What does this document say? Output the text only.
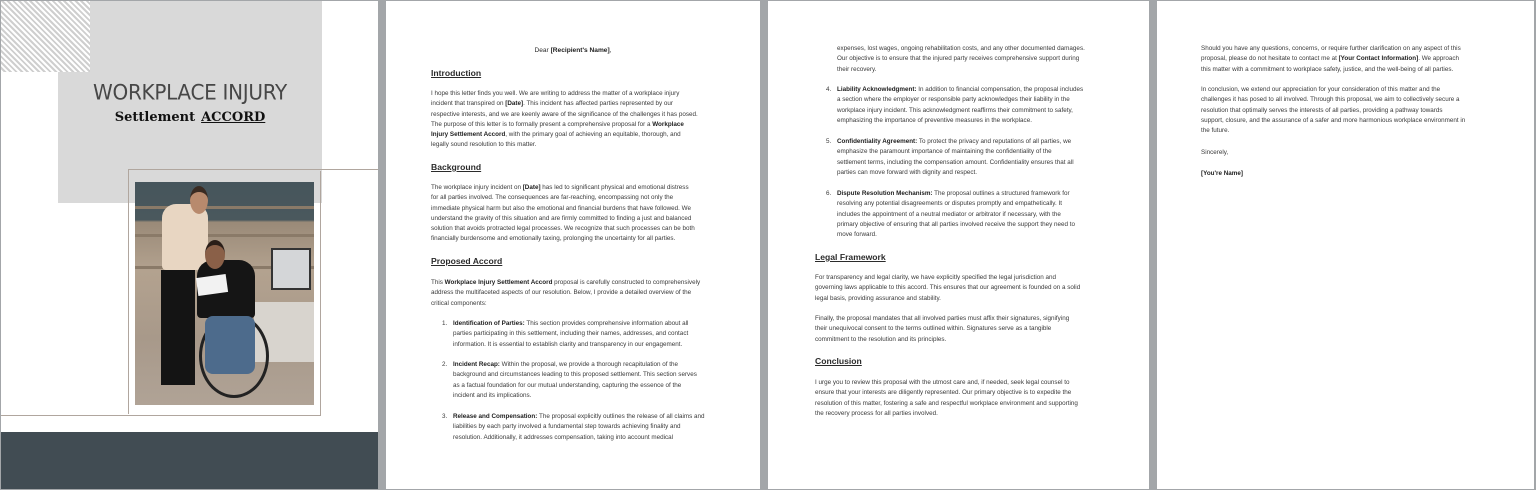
WORKPLACE INJURY
Settlement ACCORD
Dear [Recipient's Name],
Introduction
I hope this letter finds you well. We are writing to address the matter of a workplace injury
incident that transpired on [Date]. This incident has affected parties represented by our
respective interests, and we are keenly aware of the significance of the challenges it has posed.
The purpose of this letter is to formally present a comprehensive proposal for a Workplace
Injury Settlement Accord, with the primary goal of achieving an equitable, thorough, and
legally sound resolution to this matter.
Background
The workplace injury incident on [Date] has led to significant physical and emotional distress
for all parties involved. The consequences are far-reaching, encompassing not only the
immediate physical harm but also the emotional and financial burdens that have followed. We
understand the gravity of this situation and are firmly committed to finding a just and balanced
solution that avoids protracted legal processes. We recognize that such processes can be both
financially burdensome and emotionally taxing, prolonging the uncertainty for all parties.
Proposed Accord
This Workplace Injury Settlement Accord proposal is carefully constructed to comprehensively
address the multifaceted aspects of our resolution. Below, I provide a detailed overview of the
critical components:
1. Identification of Parties: This section provides comprehensive information about all
parties participating in this settlement, including their names, addresses, and contact
information. It is essential to establish clarity and transparency in our engagement.
2. Incident Recap: Within the proposal, we provide a thorough recapitulation of the
background and circumstances leading to this proposed settlement. This section serves
as a factual foundation for our mutual understanding, capturing the essence of the
incident and its implications.
3. Release and Compensation: The proposal explicitly outlines the release of all claims and
liabilities by each party involved a fundamental step towards achieving finality and
resolution. Additionally, it addresses compensation, taking into account medical
expenses, lost wages, ongoing rehabilitation costs, and any other documented damages.
Our objective is to ensure that the injured party receives comprehensive support during
their recovery.
4. Liability Acknowledgment: In addition to financial compensation, the proposal includes
a section where the employer or responsible party acknowledges their liability in the
workplace injury incident. This acknowledgment reaffirms their commitment to safety,
emphasizing the importance of preventive measures in the workplace.
5. Confidentiality Agreement: To protect the privacy and reputations of all parties, we
emphasize the paramount importance of maintaining the confidentiality of the
settlement terms, including the compensation amount. Confidentiality ensures that all
parties can move forward with dignity and respect.
6. Dispute Resolution Mechanism: The proposal outlines a structured framework for
resolving any potential disagreements or disputes promptly and empathetically. It
includes the appointment of a neutral mediator or arbitrator if necessary, with the
primary objective of ensuring that all parties involved receive the support they need to
move forward.
Legal Framework
For transparency and legal clarity, we have explicitly specified the legal jurisdiction and
governing laws applicable to this accord. This ensures that our agreement is founded on a solid
legal basis, providing assurance and stability.
Finally, the proposal mandates that all involved parties must affix their signatures, signifying
their unequivocal consent to the terms outlined within. Signatures serve as a tangible
commitment to the resolution and its principles.
Conclusion
I urge you to review this proposal with the utmost care and, if needed, seek legal counsel to
ensure that your interests are diligently represented. Our primary objective is to expedite the
resolution of this matter, fostering a safe and respectful workplace environment and supporting
the recovery process for all parties involved.
Should you have any questions, concerns, or require further clarification on any aspect of this
proposal, please do not hesitate to contact me at [Your Contact Information]. We approach
this matter with a commitment to workplace safety, justice, and the well-being of all parties.
In conclusion, we extend our appreciation for your consideration of this matter and the
challenges it has posed to all involved. Through this proposal, we aim to collectively secure a
resolution that optimally serves the interests of all parties, providing a pathway towards
support, closure, and the assurance of a safer and more harmonious workplace environment in
the future.
Sincerely,
[You're Name]
